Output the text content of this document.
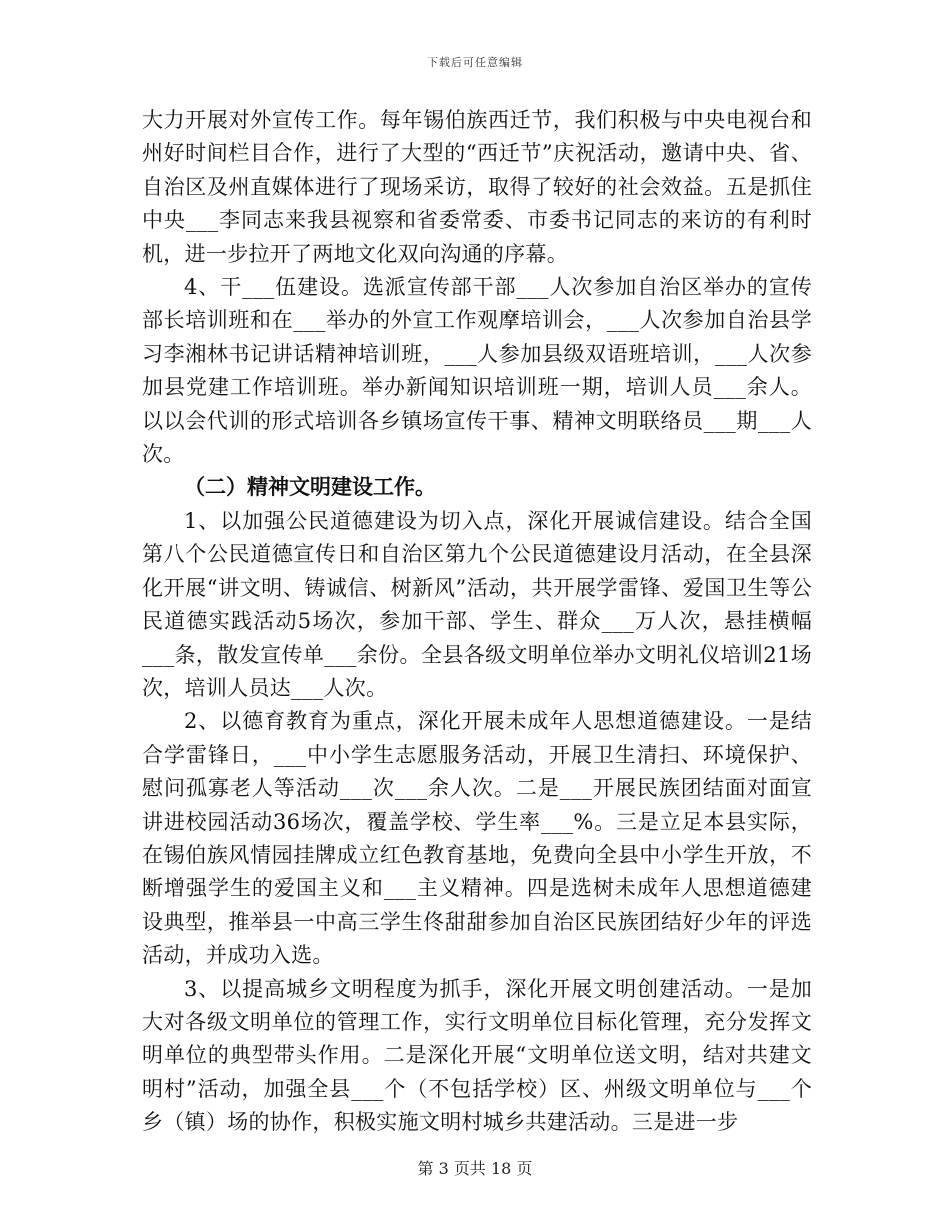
下载后可任意编辑

大力开展对外宣传工作。每年锡伯族西迁节，我们积极与中央电视台和州好时间栏目合作，进行了大型的“西迁节”庆祝活动，邀请中央、省、自治区及州直媒体进行了现场采访，取得了较好的社会效益。五是抓住中央___李同志来我县视察和省委常委、市委书记同志的来访的有利时机，进一步拉开了两地文化双向沟通的序幕。

4、干___伍建设。选派宣传部干部___人次参加自治区举办的宣传部长培训班和在___举办的外宣工作观摩培训会，___人次参加自治县学习李湘林书记讲话精神培训班，___人参加县级双语班培训，___人次参加县党建工作培训班。举办新闻知识培训班一期，培训人员___余人。以以会代训的形式培训各乡镇场宣传干事、精神文明联络员___期___人次。

（二）精神文明建设工作。

1、以加强公民道德建设为切入点，深化开展诚信建设。结合全国第八个公民道德宣传日和自治区第九个公民道德建设月活动，在全县深化开展“讲文明、铸诚信、树新风”活动，共开展学雷锋、爱国卫生等公民道德实践活动5场次，参加干部、学生、群众___万人次，悬挂横幅___条，散发宣传单___余份。全县各级文明单位举办文明礼仪培训21场次，培训人员达___人次。

2、以德育教育为重点，深化开展未成年人思想道德建设。一是结合学雷锋日，___中小学生志愿服务活动，开展卫生清扫、环境保护、慰问孤寡老人等活动___次___余人次。二是___开展民族团结面对面宣讲进校园活动36场次，覆盖学校、学生率___%。三是立足本县实际，在锡伯族风情园挂牌成立红色教育基地，免费向全县中小学生开放，不断增强学生的爱国主义和___主义精神。四是选树未成年人思想道德建设典型，推举县一中高三学生佟甜甜参加自治区民族团结好少年的评选活动，并成功入选。

3、以提高城乡文明程度为抓手，深化开展文明创建活动。一是加大对各级文明单位的管理工作，实行文明单位目标化管理，充分发挥文明单位的典型带头作用。二是深化开展“文明单位送文明，结对共建文明村”活动，加强全县___个（不包括学校）区、州级文明单位与___个乡（镇）场的协作，积极实施文明村城乡共建活动。三是进一步

第 3 页共 18 页
